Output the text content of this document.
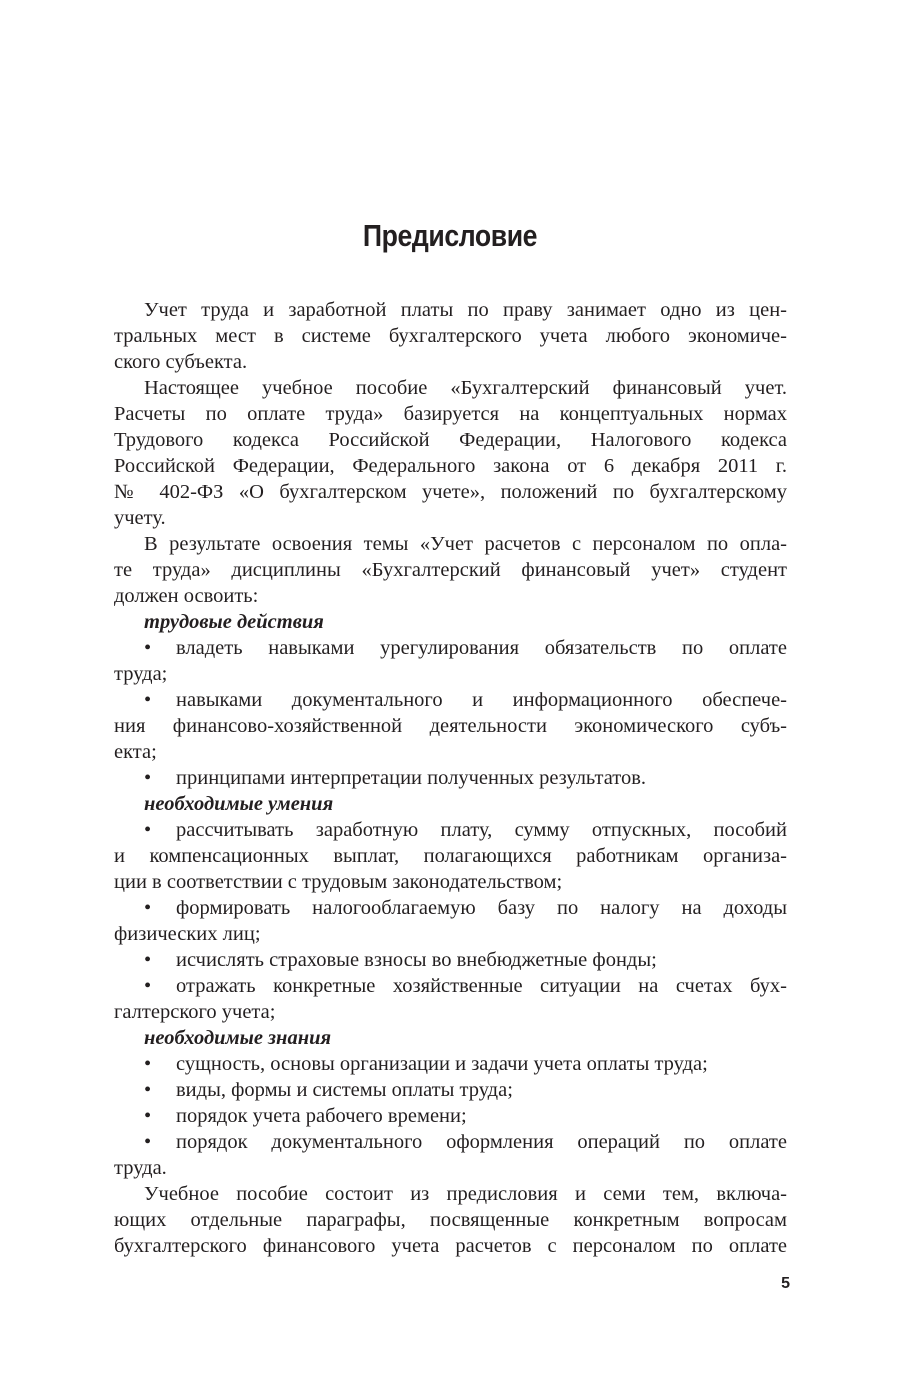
Предисловие
Учет труда и заработной платы по праву занимает одно из цен-
тральных мест в системе бухгалтерского учета любого экономиче-
ского субъекта.
Настоящее учебное пособие «Бухгалтерский финансовый учет.
Расчеты по оплате труда» базируется на концептуальных нормах
Трудового кодекса Российской Федерации, Налогового кодекса
Российской Федерации, Федерального закона от 6 декабря 2011 г.
№ 402-ФЗ «О бухгалтерском учете», положений по бухгалтерскому
учету.
В результате освоения темы «Учет расчетов с персоналом по опла-
те труда» дисциплины «Бухгалтерский финансовый учет» студент
должен освоить:
трудовые действия
• владеть навыками урегулирования обязательств по оплате
труда;
• навыками документального и информационного обеспече-
ния финансово-хозяйственной деятельности экономического субъ-
екта;
• принципами интерпретации полученных результатов.
необходимые умения
• рассчитывать заработную плату, сумму отпускных, пособий
и компенсационных выплат, полагающихся работникам организа-
ции в соответствии с трудовым законодательством;
• формировать налогооблагаемую базу по налогу на доходы
физических лиц;
• исчислять страховые взносы во внебюджетные фонды;
• отражать конкретные хозяйственные ситуации на счетах бух-
галтерского учета;
необходимые знания
• сущность, основы организации и задачи учета оплаты труда;
• виды, формы и системы оплаты труда;
• порядок учета рабочего времени;
• порядок документального оформления операций по оплате
труда.
Учебное пособие состоит из предисловия и семи тем, включа-
ющих отдельные параграфы, посвященные конкретным вопросам
бухгалтерского финансового учета расчетов с персоналом по оплате
5
